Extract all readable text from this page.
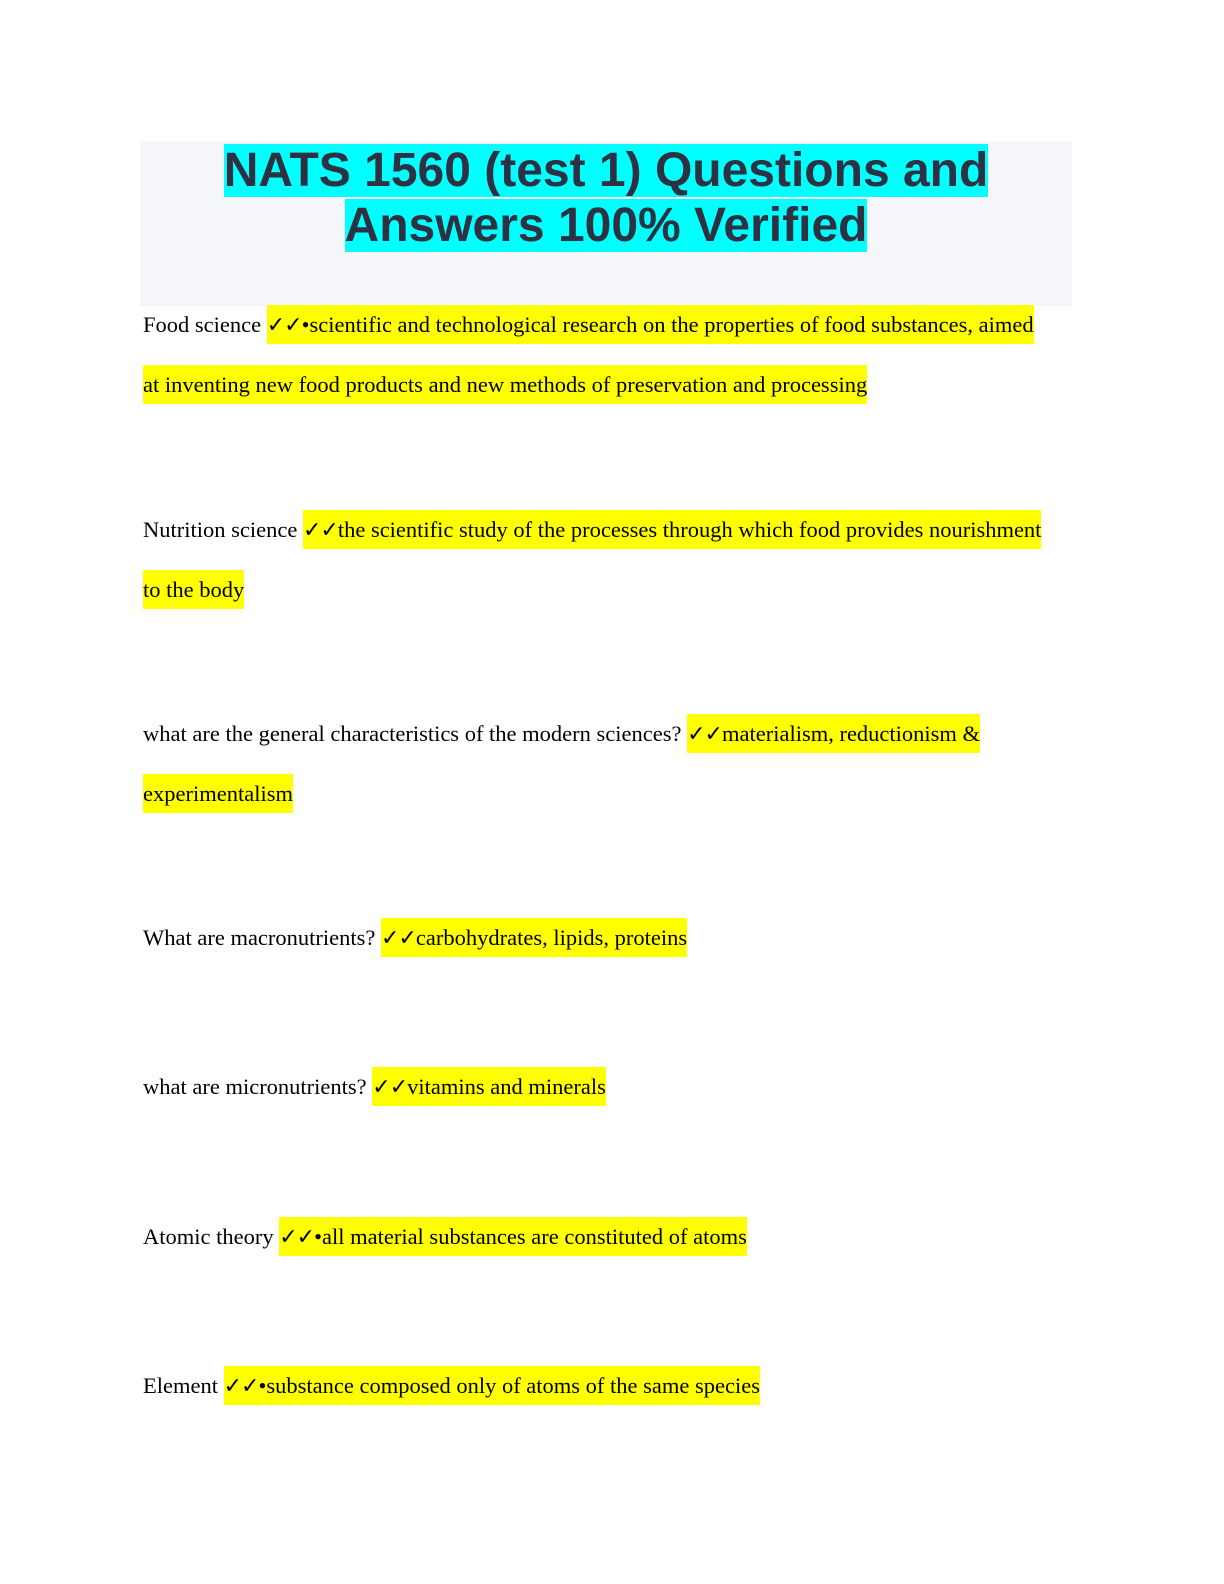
NATS 1560 (test 1) Questions and Answers 100% Verified

Food science ✓✓•scientific and technological research on the properties of food substances, aimed at inventing new food products and new methods of preservation and processing

Nutrition science ✓✓the scientific study of the processes through which food provides nourishment to the body

what are the general characteristics of the modern sciences? ✓✓materialism, reductionism & experimentalism

What are macronutrients? ✓✓carbohydrates, lipids, proteins

what are micronutrients? ✓✓vitamins and minerals

Atomic theory ✓✓•all material substances are constituted of atoms

Element ✓✓•substance composed only of atoms of the same species
